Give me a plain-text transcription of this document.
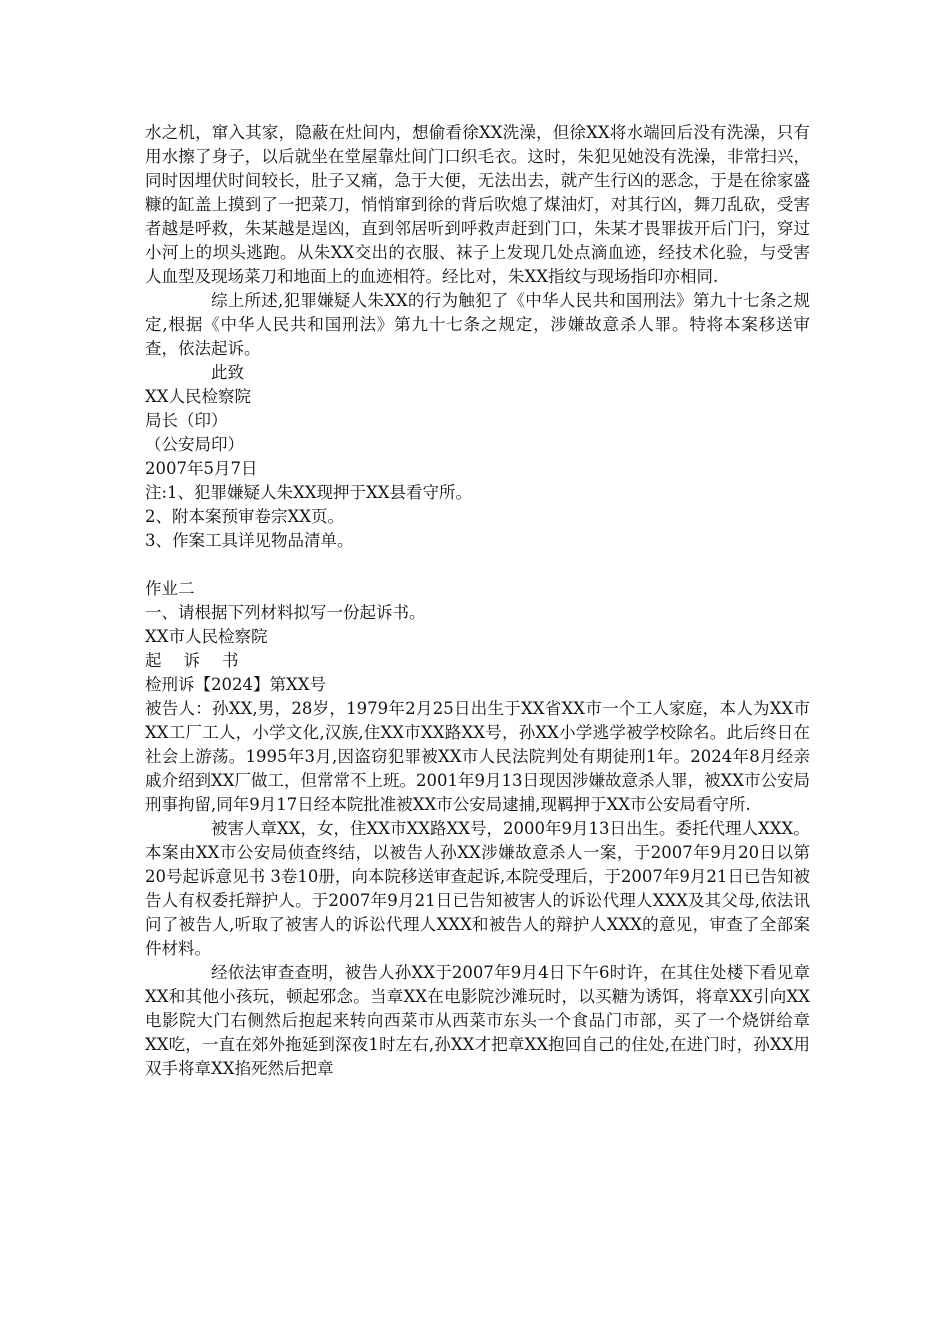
水之机，窜入其家，隐蔽在灶间内，想偷看徐XX洗澡，但徐XX将水端回后没有洗澡，只有用水擦了身子，以后就坐在堂屋靠灶间门口织毛衣。这时，朱犯见她没有洗澡，非常扫兴，同时因埋伏时间较长，肚子又痛，急于大便，无法出去，就产生行凶的恶念，于是在徐家盛糠的缸盖上摸到了一把菜刀，悄悄窜到徐的背后吹熄了煤油灯，对其行凶，舞刀乱砍，受害者越是呼救，朱某越是逞凶，直到邻居听到呼救声赶到门口，朱某才畏罪拔开后门闩，穿过小河上的坝头逃跑。从朱XX交出的衣服、袜子上发现几处点滴血迹，经技术化验，与受害人血型及现场菜刀和地面上的血迹相符。经比对，朱XX指纹与现场指印亦相同.

综上所述,犯罪嫌疑人朱XX的行为触犯了《中华人民共和国刑法》第九十七条之规定,根据《中华人民共和国刑法》第九十七条之规定，涉嫌故意杀人罪。特将本案移送审查，依法起诉。

此致

XX人民检察院

局长（印）

（公安局印）

2007年5月7日

注:1、犯罪嫌疑人朱XX现押于XX县看守所。

2、附本案预审卷宗XX页。

3、作案工具详见物品清单。

作业二

一、请根据下列材料拟写一份起诉书。

XX市人民检察院

起 诉 书

检刑诉【2024】第XX号

被告人：孙XX,男，28岁，1979年2月25日出生于XX省XX市一个工人家庭，本人为XX市XX工厂工人，小学文化,汉族,住XX市XX路XX号，孙XX小学逃学被学校除名。此后终日在社会上游荡。1995年3月,因盗窃犯罪被XX市人民法院判处有期徒刑1年。2024年8月经亲戚介绍到XX厂做工，但常常不上班。2001年9月13日现因涉嫌故意杀人罪，被XX市公安局刑事拘留,同年9月17日经本院批准被XX市公安局逮捕,现羁押于XX市公安局看守所.

被害人章XX，女，住XX市XX路XX号，2000年9月13日出生。委托代理人XXX。

本案由XX市公安局侦查终结，以被告人孙XX涉嫌故意杀人一案，于2007年9月20日以第20号起诉意见书 3卷10册，向本院移送审查起诉,本院受理后，于2007年9月21日已告知被告人有权委托辩护人。于2007年9月21日已告知被害人的诉讼代理人XXX及其父母,依法讯问了被告人,听取了被害人的诉讼代理人XXX和被告人的辩护人XXX的意见，审查了全部案件材料。

经依法审查查明，被告人孙XX于2007年9月4日下午6时许，在其住处楼下看见章XX和其他小孩玩，顿起邪念。当章XX在电影院沙滩玩时，以买糖为诱饵，将章XX引向XX电影院大门右侧然后抱起来转向西菜市从西菜市东头一个食品门市部，买了一个烧饼给章XX吃，一直在郊外拖延到深夜1时左右,孙XX才把章XX抱回自己的住处,在进门时，孙XX用双手将章XX掐死然后把章
